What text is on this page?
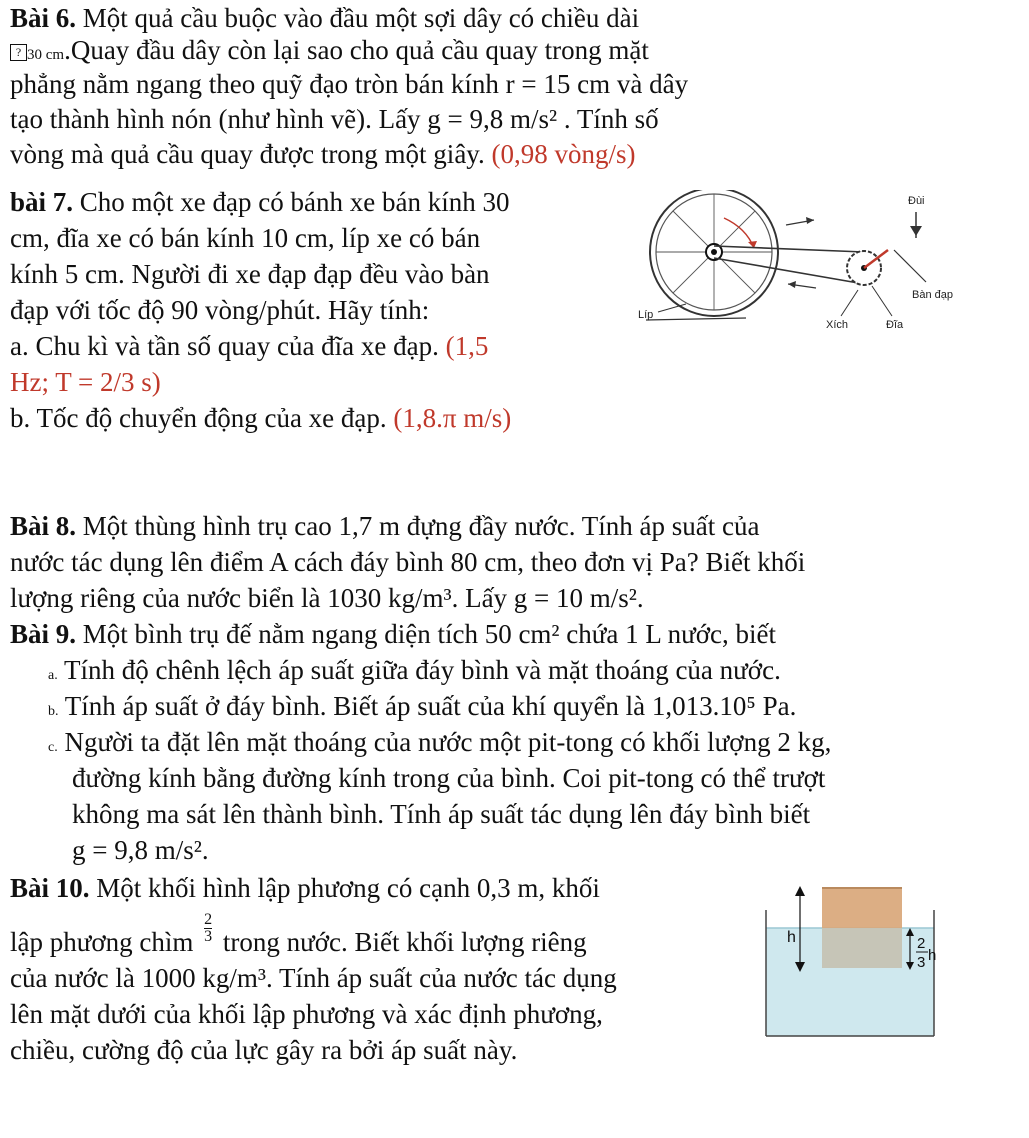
Bài 6. Một quả cầu buộc vào đầu một sợi dây có chiều dài
? 30 cm.Quay đầu dây còn lại sao cho quả cầu quay trong mặt
phẳng nằm ngang theo quỹ đạo tròn bán kính r = 15 cm và dây
tạo thành hình nón (như hình vẽ). Lấy g = 9,8 m/s² . Tính số
vòng mà quả cầu quay được trong một giây. (0,98 vòng/s)
bài 7. Cho một xe đạp có bánh xe bán kính 30
cm, đĩa xe có bán kính 10 cm, líp xe có bán
kính 5 cm. Người đi xe đạp đạp đều vào bàn
đạp với tốc độ 90 vòng/phút. Hãy tính:
a. Chu kì và tần số quay của đĩa xe đạp. (1,5
Hz; T = 2/3 s)
b. Tốc độ chuyển động của xe đạp. (1,8.π m/s)
Đùi
Bàn đạp
Líp
Xích	Đĩa
Bài 8. Một thùng hình trụ cao 1,7 m đựng đầy nước. Tính áp suất của
nước tác dụng lên điểm A cách đáy bình 80 cm, theo đơn vị Pa? Biết khối
lượng riêng của nước biển là 1030 kg/m³. Lấy g = 10 m/s².
Bài 9. Một bình trụ đế nằm ngang diện tích 50 cm² chứa 1 L nước, biết
a. Tính độ chênh lệch áp suất giữa đáy bình và mặt thoáng của nước.
b. Tính áp suất ở đáy bình. Biết áp suất của khí quyển là 1,013.10⁵ Pa.
c. Người ta đặt lên mặt thoáng của nước một pit-tong có khối lượng 2 kg,
đường kính bằng đường kính trong của bình. Coi pit-tong có thể trượt
không ma sát lên thành bình. Tính áp suất tác dụng lên đáy bình biết
g = 9,8 m/s².
Bài 10. Một khối hình lập phương có cạnh 0,3 m, khối
lập phương chìm $\frac{2}{3}$ trong nước. Biết khối lượng riêng
của nước là 1000 kg/m³. Tính áp suất của nước tác dụng
lên mặt dưới của khối lập phương và xác định phương,
chiều, cường độ của lực gây ra bởi áp suất này.
h	2
3 h
